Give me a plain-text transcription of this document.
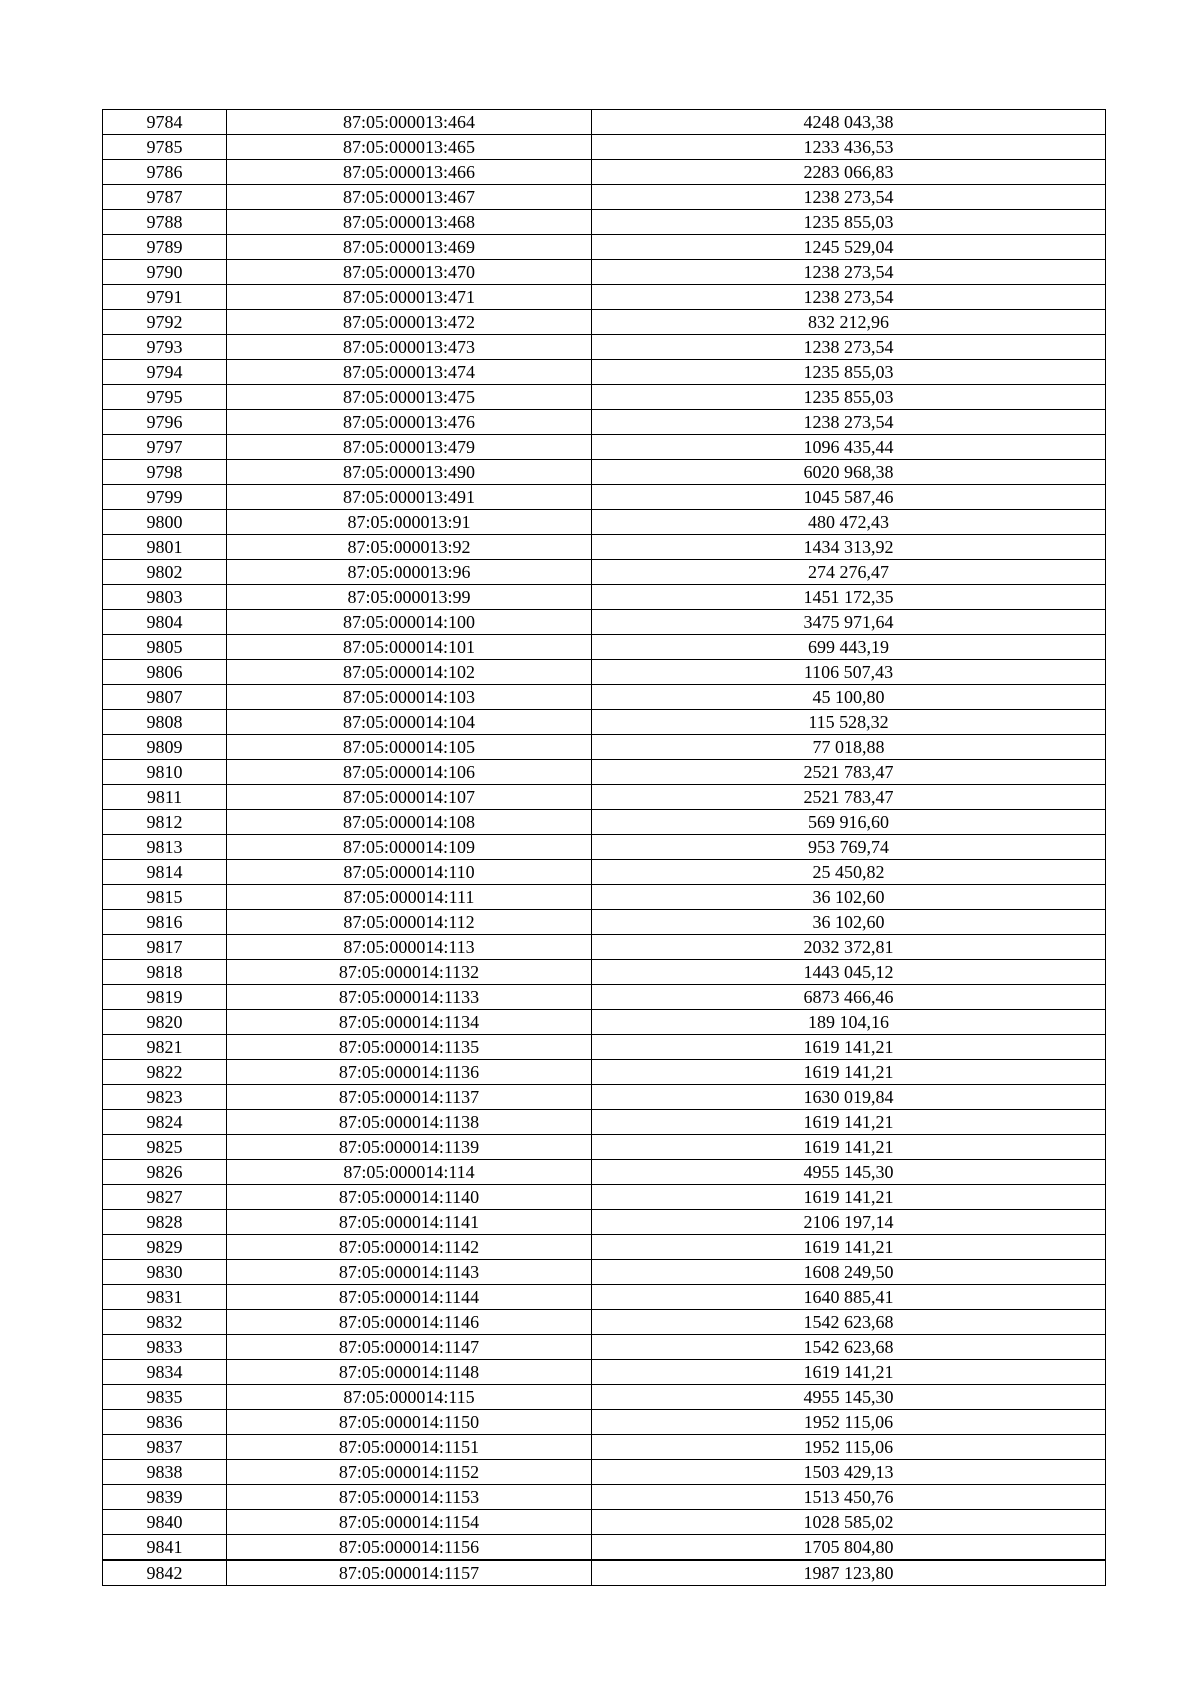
9784	87:05:000013:464	4248 043,38
9785	87:05:000013:465	1233 436,53
9786	87:05:000013:466	2283 066,83
9787	87:05:000013:467	1238 273,54
9788	87:05:000013:468	1235 855,03
9789	87:05:000013:469	1245 529,04
9790	87:05:000013:470	1238 273,54
9791	87:05:000013:471	1238 273,54
9792	87:05:000013:472	832 212,96
9793	87:05:000013:473	1238 273,54
9794	87:05:000013:474	1235 855,03
9795	87:05:000013:475	1235 855,03
9796	87:05:000013:476	1238 273,54
9797	87:05:000013:479	1096 435,44
9798	87:05:000013:490	6020 968,38
9799	87:05:000013:491	1045 587,46
9800	87:05:000013:91	480 472,43
9801	87:05:000013:92	1434 313,92
9802	87:05:000013:96	274 276,47
9803	87:05:000013:99	1451 172,35
9804	87:05:000014:100	3475 971,64
9805	87:05:000014:101	699 443,19
9806	87:05:000014:102	1106 507,43
9807	87:05:000014:103	45 100,80
9808	87:05:000014:104	115 528,32
9809	87:05:000014:105	77 018,88
9810	87:05:000014:106	2521 783,47
9811	87:05:000014:107	2521 783,47
9812	87:05:000014:108	569 916,60
9813	87:05:000014:109	953 769,74
9814	87:05:000014:110	25 450,82
9815	87:05:000014:111	36 102,60
9816	87:05:000014:112	36 102,60
9817	87:05:000014:113	2032 372,81
9818	87:05:000014:1132	1443 045,12
9819	87:05:000014:1133	6873 466,46
9820	87:05:000014:1134	189 104,16
9821	87:05:000014:1135	1619 141,21
9822	87:05:000014:1136	1619 141,21
9823	87:05:000014:1137	1630 019,84
9824	87:05:000014:1138	1619 141,21
9825	87:05:000014:1139	1619 141,21
9826	87:05:000014:114	4955 145,30
9827	87:05:000014:1140	1619 141,21
9828	87:05:000014:1141	2106 197,14
9829	87:05:000014:1142	1619 141,21
9830	87:05:000014:1143	1608 249,50
9831	87:05:000014:1144	1640 885,41
9832	87:05:000014:1146	1542 623,68
9833	87:05:000014:1147	1542 623,68
9834	87:05:000014:1148	1619 141,21
9835	87:05:000014:115	4955 145,30
9836	87:05:000014:1150	1952 115,06
9837	87:05:000014:1151	1952 115,06
9838	87:05:000014:1152	1503 429,13
9839	87:05:000014:1153	1513 450,76
9840	87:05:000014:1154	1028 585,02
9841	87:05:000014:1156	1705 804,80
9842	87:05:000014:1157	1987 123,80
